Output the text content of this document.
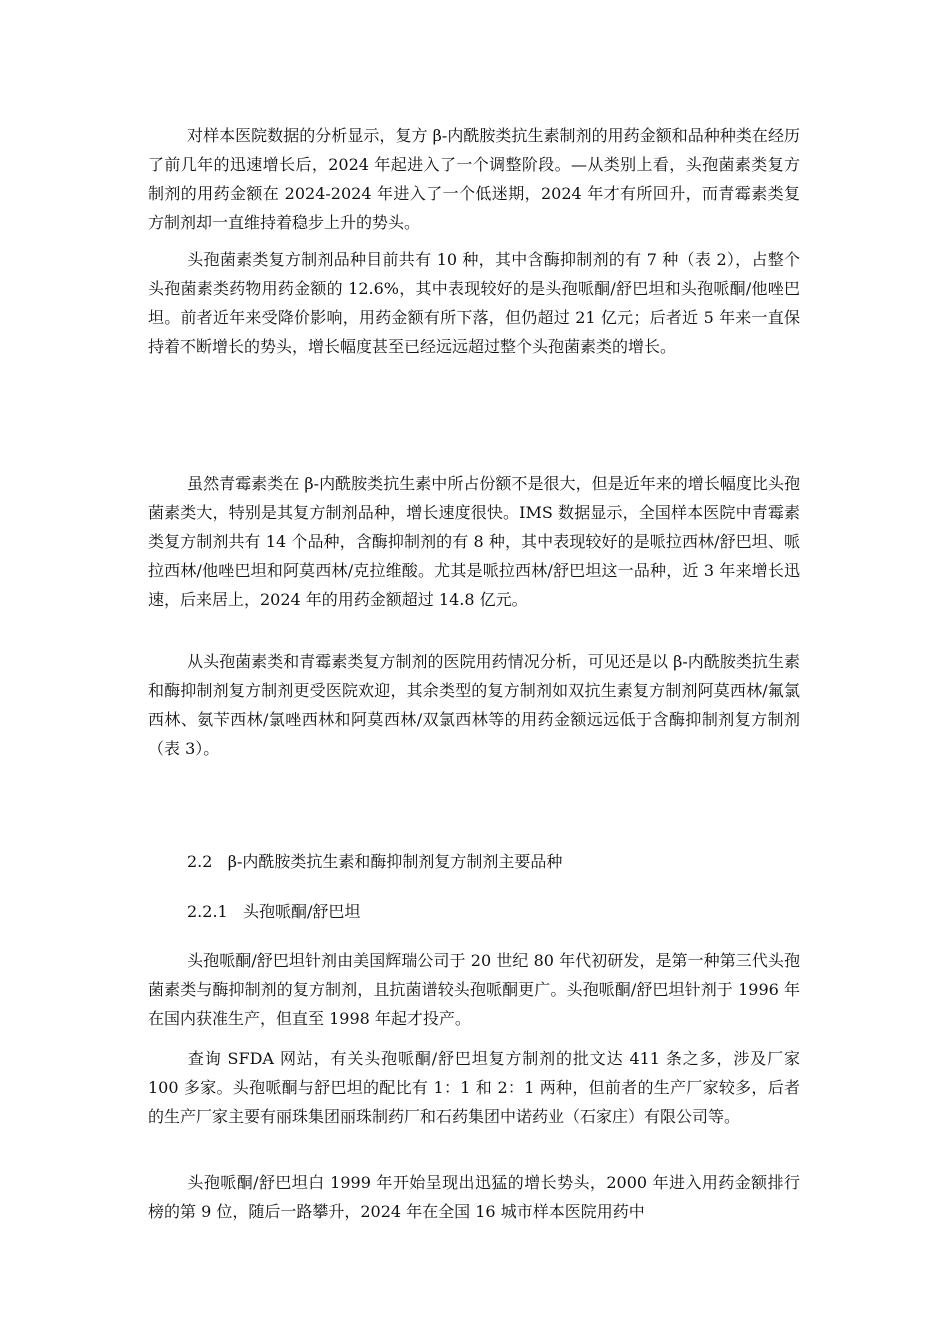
对样本医院数据的分析显示，复方 β-内酰胺类抗生素制剂的用药金额和品种种类在经历了前几年的迅速增长后，2024 年起进入了一个调整阶段。—从类别上看，头孢菌素类复方制剂的用药金额在 2024-2024 年进入了一个低迷期，2024 年才有所回升，而青霉素类复方制剂却一直维持着稳步上升的势头。

头孢菌素类复方制剂品种目前共有 10 种，其中含酶抑制剂的有 7 种（表 2），占整个头孢菌素类药物用药金额的 12.6%，其中表现较好的是头孢哌酮/舒巴坦和头孢哌酮/他唑巴坦。前者近年来受降价影响，用药金额有所下落，但仍超过 21 亿元；后者近 5 年来一直保持着不断增长的势头，增长幅度甚至已经远远超过整个头孢菌素类的增长。

虽然青霉素类在 β-内酰胺类抗生素中所占份额不是很大，但是近年来的增长幅度比头孢菌素类大，特别是其复方制剂品种，增长速度很快。IMS 数据显示，全国样本医院中青霉素类复方制剂共有 14 个品种，含酶抑制剂的有 8 种，其中表现较好的是哌拉西林/舒巴坦、哌拉西林/他唑巴坦和阿莫西林/克拉维酸。尤其是哌拉西林/舒巴坦这一品种，近 3 年来增长迅速，后来居上，2024 年的用药金额超过 14.8 亿元。

从头孢菌素类和青霉素类复方制剂的医院用药情况分析，可见还是以 β-内酰胺类抗生素和酶抑制剂复方制剂更受医院欢迎，其余类型的复方制剂如双抗生素复方制剂阿莫西林/氟氯西林、氨苄西林/氯唑西林和阿莫西林/双氯西林等的用药金额远远低于含酶抑制剂复方制剂（表 3）。

2.2   β-内酰胺类抗生素和酶抑制剂复方制剂主要品种
2.2.1   头孢哌酮/舒巴坦

头孢哌酮/舒巴坦针剂由美国辉瑞公司于 20 世纪 80 年代初研发，是第一种第三代头孢菌素类与酶抑制剂的复方制剂，且抗菌谱较头孢哌酮更广。头孢哌酮/舒巴坦针剂于 1996 年在国内获准生产，但直至 1998 年起才投产。

查询 SFDA 网站，有关头孢哌酮/舒巴坦复方制剂的批文达 411 条之多，涉及厂家 100 多家。头孢哌酮与舒巴坦的配比有 1：1 和 2：1 两种，但前者的生产厂家较多，后者的生产厂家主要有丽珠集团丽珠制药厂和石药集团中诺药业（石家庄）有限公司等。

头孢哌酮/舒巴坦白 1999 年开始呈现出迅猛的增长势头，2000 年进入用药金额排行榜的第 9 位，随后一路攀升，2024 年在全国 16 城市样本医院用药中
